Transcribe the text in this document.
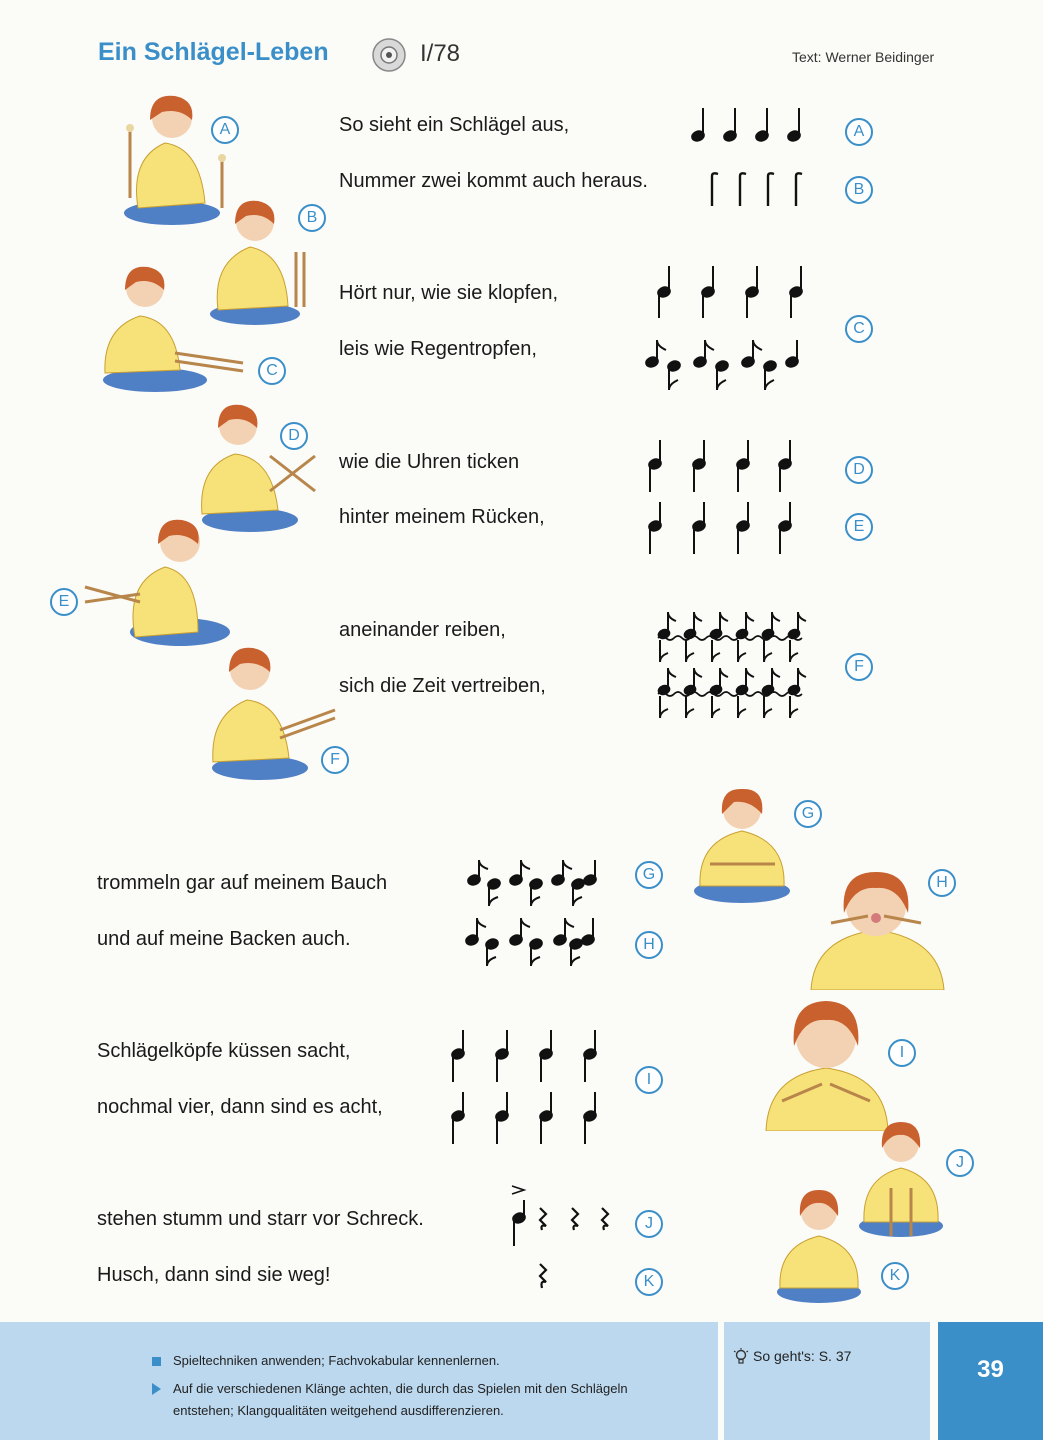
Ein Schlägel-Leben	I/78	Text: Werner Beidinger
So sieht ein Schlägel aus,
Nummer zwei kommt auch heraus.
Hört nur, wie sie klopfen,
leis wie Regentropfen,
wie die Uhren ticken
hinter meinem Rücken,
aneinander reiben,
sich die Zeit vertreiben,
trommeln gar auf meinem Bauch
und auf meine Backen auch.
Schlägelköpfe küssen sacht,
nochmal vier, dann sind es acht,
stehen stumm und starr vor Schreck.
Husch, dann sind sie weg!
A
B
C
D
E
F
G
H
I
J
K
A
B
C
D
E
F
G
H
I
J
K
39
Spieltechniken anwenden; Fachvokabular kennenlernen.
Auf die verschiedenen Klänge achten, die durch das Spielen mit den Schlägeln
entstehen; Klangqualitäten weitgehend ausdifferenzieren.
So geht's: S. 37
